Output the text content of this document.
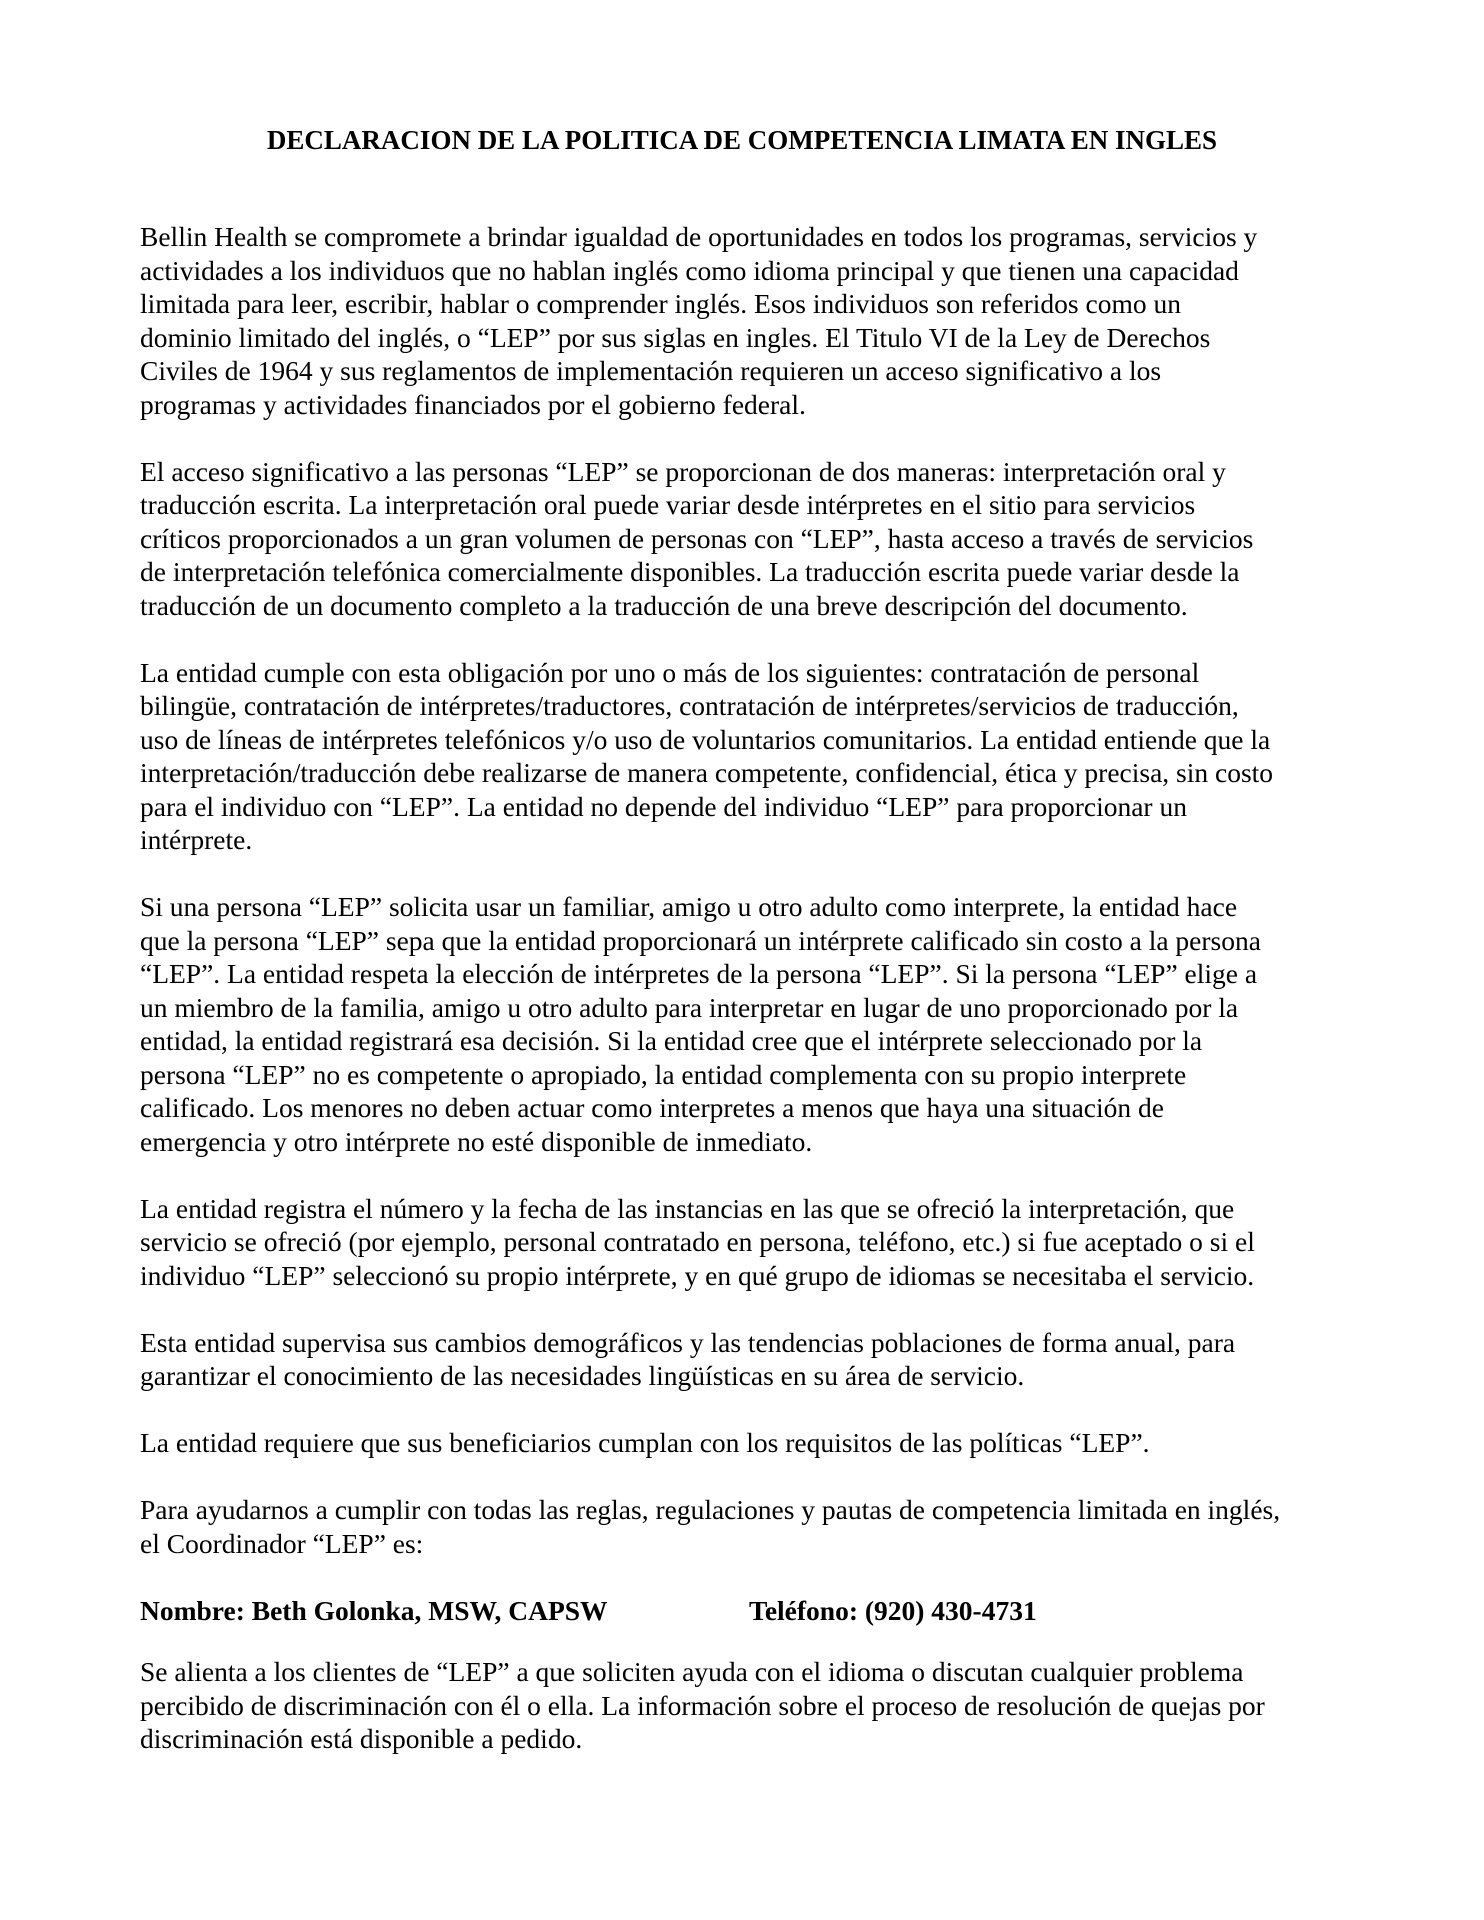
DECLARACION DE LA POLITICA DE COMPETENCIA LIMATA EN INGLES

Bellin Health se compromete a brindar igualdad de oportunidades en todos los programas, servicios y
actividades a los individuos que no hablan inglés como idioma principal y que tienen una capacidad
limitada para leer, escribir, hablar o comprender inglés. Esos individuos son referidos como un
dominio limitado del inglés, o “LEP” por sus siglas en ingles. El Titulo VI de la Ley de Derechos
Civiles de 1964 y sus reglamentos de implementación requieren un acceso significativo a los
programas y actividades financiados por el gobierno federal.

El acceso significativo a las personas “LEP” se proporcionan de dos maneras: interpretación oral y
traducción escrita. La interpretación oral puede variar desde intérpretes en el sitio para servicios
críticos proporcionados a un gran volumen de personas con “LEP”, hasta acceso a través de servicios
de interpretación telefónica comercialmente disponibles. La traducción escrita puede variar desde la
traducción de un documento completo a la traducción de una breve descripción del documento.

La entidad cumple con esta obligación por uno o más de los siguientes: contratación de personal
bilingüe, contratación de intérpretes/traductores, contratación de intérpretes/servicios de traducción,
uso de líneas de intérpretes telefónicos y/o uso de voluntarios comunitarios. La entidad entiende que la
interpretación/traducción debe realizarse de manera competente, confidencial, ética y precisa, sin costo
para el individuo con “LEP”. La entidad no depende del individuo “LEP” para proporcionar un
intérprete.

Si una persona “LEP” solicita usar un familiar, amigo u otro adulto como interprete, la entidad hace
que la persona “LEP” sepa que la entidad proporcionará un intérprete calificado sin costo a la persona
“LEP”. La entidad respeta la elección de intérpretes de la persona “LEP”. Si la persona “LEP” elige a
un miembro de la familia, amigo u otro adulto para interpretar en lugar de uno proporcionado por la
entidad, la entidad registrará esa decisión. Si la entidad cree que el intérprete seleccionado por la
persona “LEP” no es competente o apropiado, la entidad complementa con su propio interprete
calificado. Los menores no deben actuar como interpretes a menos que haya una situación de
emergencia y otro intérprete no esté disponible de inmediato.

La entidad registra el número y la fecha de las instancias en las que se ofreció la interpretación, que
servicio se ofreció (por ejemplo, personal contratado en persona, teléfono, etc.) si fue aceptado o si el
individuo “LEP” seleccionó su propio intérprete, y en qué grupo de idiomas se necesitaba el servicio.

Esta entidad supervisa sus cambios demográficos y las tendencias poblaciones de forma anual, para
garantizar el conocimiento de las necesidades lingüísticas en su área de servicio.

La entidad requiere que sus beneficiarios cumplan con los requisitos de las políticas “LEP”.

Para ayudarnos a cumplir con todas las reglas, regulaciones y pautas de competencia limitada en inglés,
el Coordinador “LEP” es:

Nombre: Beth Golonka, MSW, CAPSW	Teléfono: (920) 430-4731

Se alienta a los clientes de “LEP” a que soliciten ayuda con el idioma o discutan cualquier problema
percibido de discriminación con él o ella. La información sobre el proceso de resolución de quejas por
discriminación está disponible a pedido.
